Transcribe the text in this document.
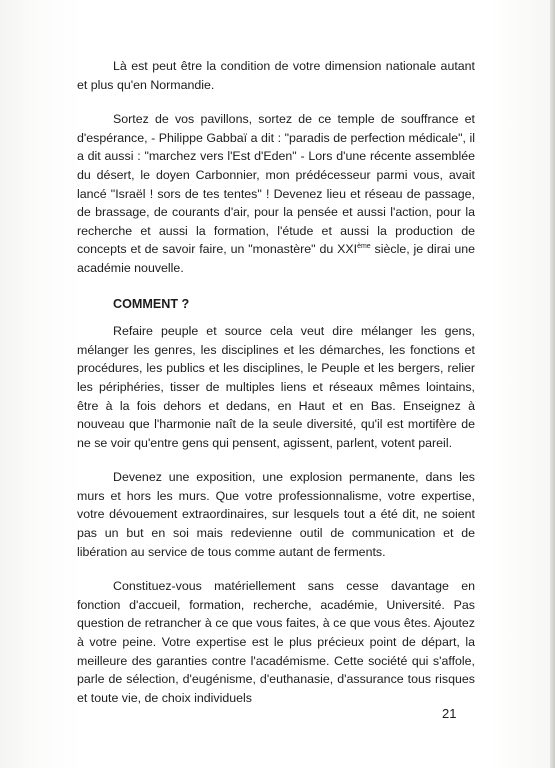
Là est peut être la condition de votre dimension nationale autant et plus qu'en Normandie.

Sortez de vos pavillons, sortez de ce temple de souffrance et d'espérance, - Philippe Gabbaï a dit : "paradis de perfection médicale", il a dit aussi : "marchez vers l'Est d'Eden" - Lors d'une récente assemblée du désert, le doyen Carbonnier, mon prédécesseur parmi vous, avait lancé "Israël ! sors de tes tentes" ! Devenez lieu et réseau de passage, de brassage, de courants d'air, pour la pensée et aussi l'action, pour la recherche et aussi la formation, l'étude et aussi la production de concepts et de savoir faire, un "monastère" du XXIème siècle, je dirai une académie nouvelle.

COMMENT ?

Refaire peuple et source cela veut dire mélanger les gens, mélanger les genres, les disciplines et les démarches, les fonctions et procédures, les publics et les disciplines, le Peuple et les bergers, relier les périphéries, tisser de multiples liens et réseaux mêmes lointains, être à la fois dehors et dedans, en Haut et en Bas. Enseignez à nouveau que l'harmonie naît de la seule diversité, qu'il est mortifère de ne se voir qu'entre gens qui pensent, agissent, parlent, votent pareil.

Devenez une exposition, une explosion permanente, dans les murs et hors les murs. Que votre professionnalisme, votre expertise, votre dévouement extraordinaires, sur lesquels tout a été dit, ne soient pas un but en soi mais redevienne outil de communication et de libération au service de tous comme autant de ferments.

Constituez-vous matériellement sans cesse davantage en fonction d'accueil, formation, recherche, académie, Université. Pas question de retrancher à ce que vous faites, à ce que vous êtes. Ajoutez à votre peine. Votre expertise est le plus précieux point de départ, la meilleure des garanties contre l'académisme. Cette société qui s'affole, parle de sélection, d'eugénisme, d'euthanasie, d'assurance tous risques et toute vie, de choix individuels

21
